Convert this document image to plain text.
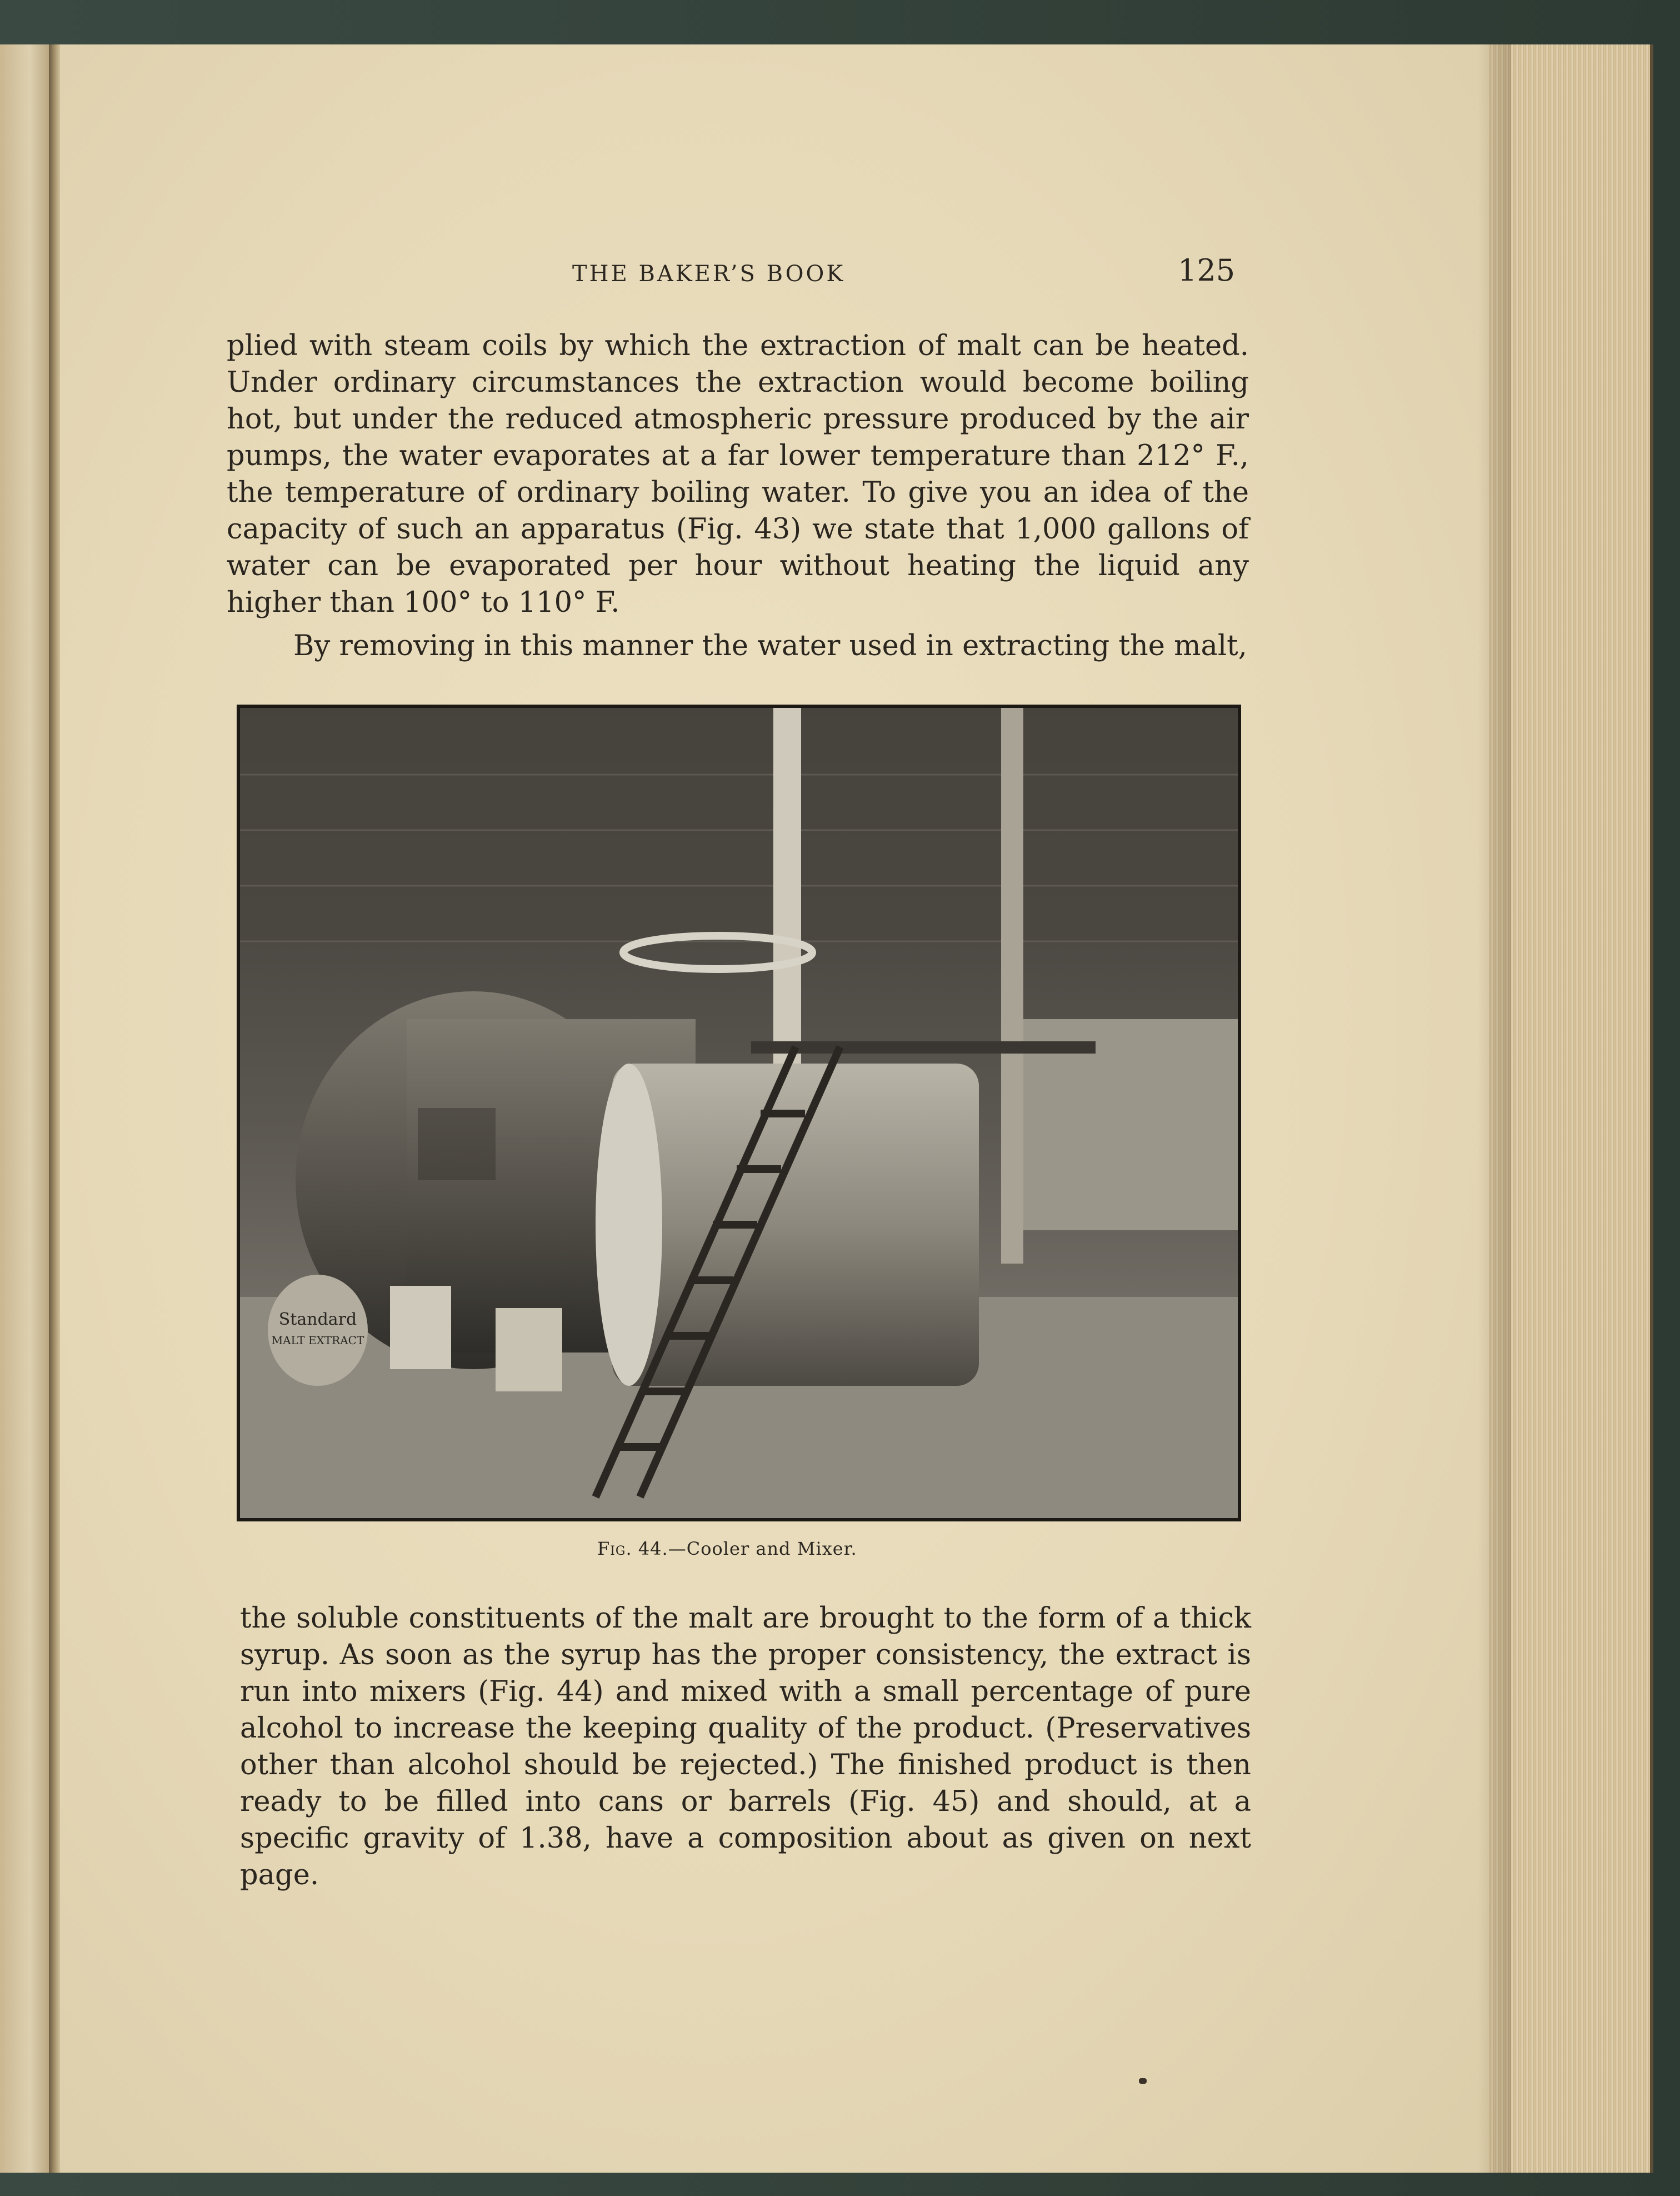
THE BAKER’S BOOK	125

plied with steam coils by which the extraction of malt can be heated. Under ordinary circumstances the extraction would become boiling hot, but under the reduced atmospheric pressure produced by the air pumps, the water evaporates at a far lower temperature than 212° F., the temperature of ordinary boiling water. To give you an idea of the capacity of such an apparatus (Fig. 43) we state that 1,000 gallons of water can be evaporated per hour without heating the liquid any higher than 100° to 110° F.

By removing in this manner the water used in extracting the malt,

Standard
MALT EXTRACT
Fig. 44.—Cooler and Mixer.

the soluble constituents of the malt are brought to the form of a thick syrup. As soon as the syrup has the proper consistency, the extract is run into mixers (Fig. 44) and mixed with a small percentage of pure alcohol to increase the keeping quality of the product. (Preservatives other than alcohol should be rejected.) The finished product is then ready to be filled into cans or barrels (Fig. 45) and should, at a specific gravity of 1.38, have a composition about as given on next page.
